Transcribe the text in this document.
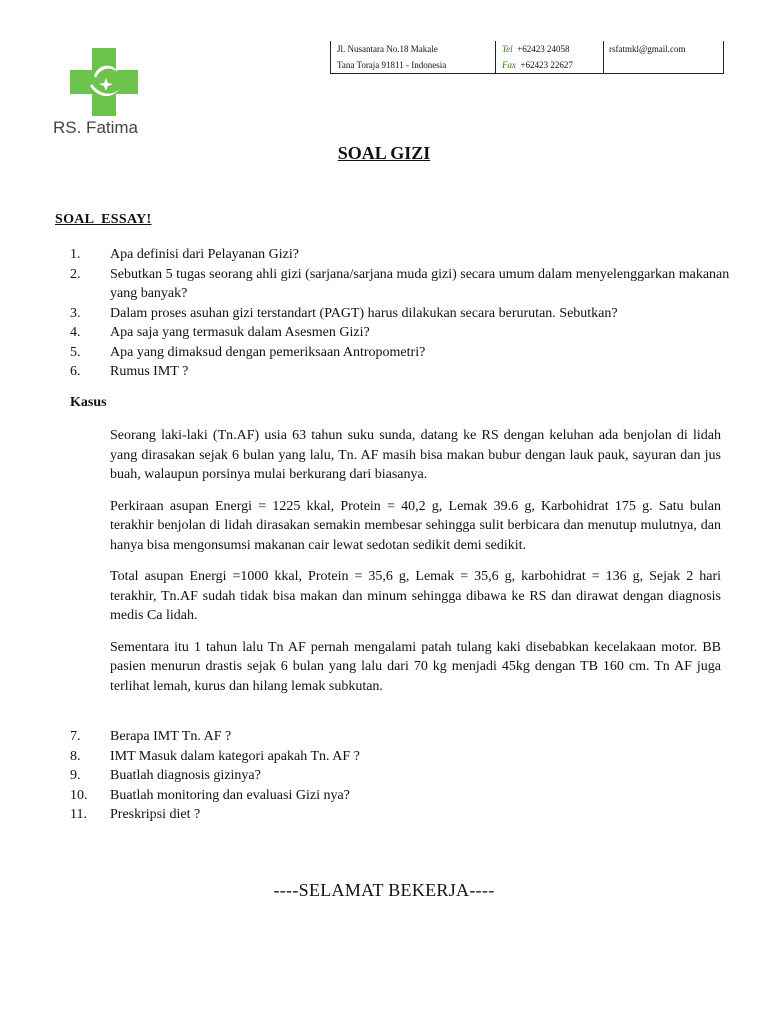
RS. Fatima
Jl. Nusantara No.18 Makale
Tana Toraja 91811 - Indonesia
Tel +62423 24058
Fax +62423 22627
rsfatmkl@gmail.com
SOAL GIZI
SOAL  ESSAY!
1.	Apa definisi dari Pelayanan Gizi?
2.	Sebutkan 5 tugas seorang ahli gizi (sarjana/sarjana muda gizi) secara umum dalam menyelenggarkan makanan yang banyak?
3.	Dalam proses asuhan gizi terstandart (PAGT) harus dilakukan secara berurutan. Sebutkan?
4.	Apa saja yang termasuk dalam Asesmen Gizi?
5.	Apa yang dimaksud dengan pemeriksaan Antropometri?
6.	Rumus IMT ?
Kasus

Seorang laki-laki (Tn.AF) usia 63 tahun suku sunda, datang ke RS dengan keluhan ada benjolan di lidah yang dirasakan sejak 6 bulan yang lalu, Tn. AF masih bisa makan bubur dengan lauk pauk, sayuran dan jus buah, walaupun porsinya mulai berkurang dari biasanya.

Perkiraan asupan Energi = 1225 kkal, Protein = 40,2 g, Lemak 39.6 g, Karbohidrat 175 g. Satu bulan terakhir benjolan di lidah dirasakan semakin membesar sehingga sulit berbicara dan menutup mulutnya, dan hanya bisa mengonsumsi makanan cair lewat sedotan sedikit demi sedikit.

Total asupan Energi =1000 kkal, Protein = 35,6 g, Lemak = 35,6 g, karbohidrat = 136 g, Sejak 2 hari terakhir, Tn.AF sudah tidak bisa makan dan minum sehingga dibawa ke RS dan dirawat dengan diagnosis medis Ca lidah.

Sementara itu 1 tahun lalu Tn AF pernah mengalami patah tulang kaki disebabkan kecelakaan motor. BB pasien menurun drastis sejak 6 bulan yang lalu dari 70 kg menjadi 45kg dengan TB 160 cm. Tn AF juga terlihat lemah, kurus dan hilang lemak subkutan.

7.	Berapa IMT Tn. AF ?
8.	IMT Masuk dalam kategori apakah Tn. AF ?
9.	Buatlah diagnosis gizinya?
10.	Buatlah monitoring dan evaluasi Gizi nya?
11.	Preskripsi diet ?
----SELAMAT BEKERJA----
